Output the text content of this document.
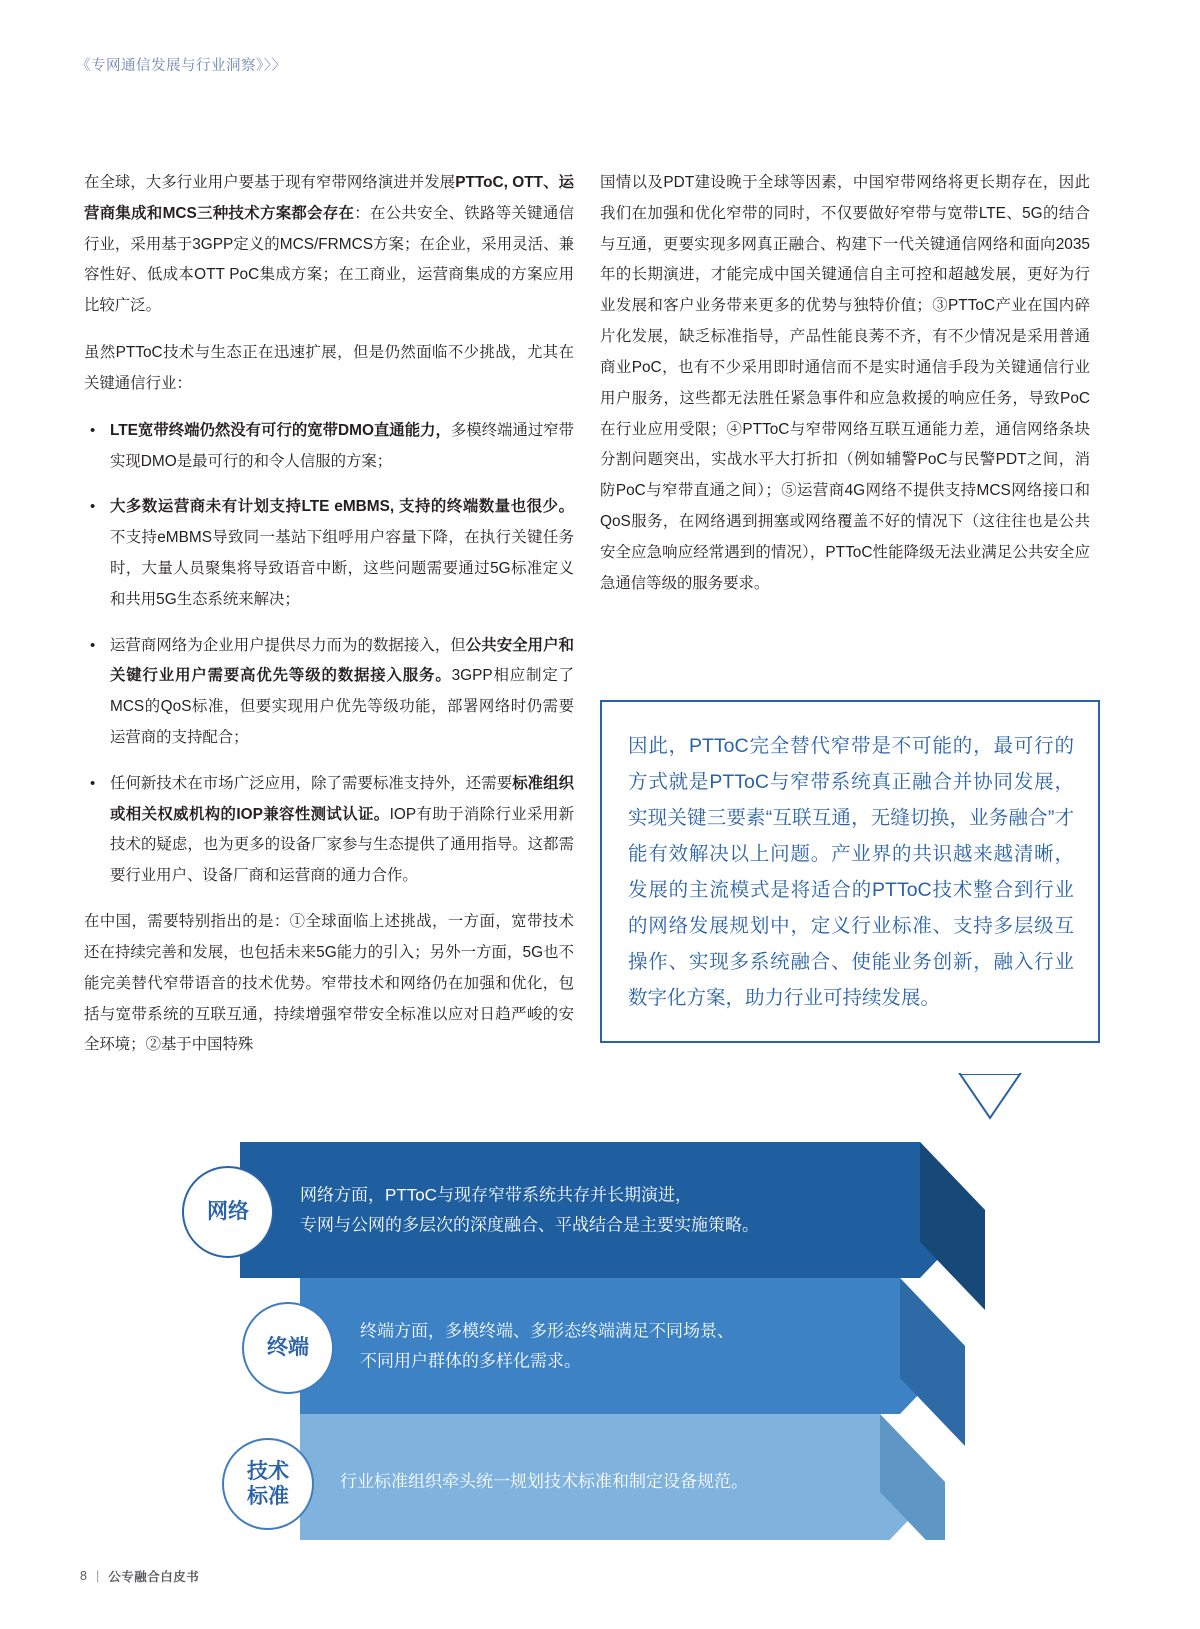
《专网通信发展与行业洞察》〉〉

在全球，大多行业用户要基于现有窄带网络演进并发展PTToC, OTT、运营商集成和MCS三种技术方案都会存在：在公共安全、铁路等关键通信行业，采用基于3GPP定义的MCS/FRMCS方案；在企业，采用灵活、兼容性好、低成本OTT PoC集成方案；在工商业，运营商集成的方案应用比较广泛。

虽然PTToC技术与生态正在迅速扩展，但是仍然面临不少挑战，尤其在关键通信行业：

• LTE宽带终端仍然没有可行的宽带DMO直通能力，多模终端通过窄带实现DMO是最可行的和令人信服的方案；
• 大多数运营商未有计划支持LTE eMBMS, 支持的终端数量也很少。不支持eMBMS导致同一基站下组呼用户容量下降，在执行关键任务时，大量人员聚集将导致语音中断，这些问题需要通过5G标准定义和共用5G生态系统来解决；
• 运营商网络为企业用户提供尽力而为的数据接入，但公共安全用户和关键行业用户需要高优先等级的数据接入服务。3GPP相应制定了MCS的QoS标准，但要实现用户优先等级功能，部署网络时仍需要运营商的支持配合；
• 任何新技术在市场广泛应用，除了需要标准支持外，还需要标准组织或相关权威机构的IOP兼容性测试认证。IOP有助于消除行业采用新技术的疑虑，也为更多的设备厂家参与生态提供了通用指导。这都需要行业用户、设备厂商和运营商的通力合作。

在中国，需要特别指出的是：①全球面临上述挑战，一方面，宽带技术还在持续完善和发展，也包括未来5G能力的引入；另外一方面，5G也不能完美替代窄带语音的技术优势。窄带技术和网络仍在加强和优化，包括与宽带系统的互联互通，持续增强窄带安全标准以应对日趋严峻的安全环境；②基于中国特殊

国情以及PDT建设晚于全球等因素，中国窄带网络将更长期存在，因此我们在加强和优化窄带的同时，不仅要做好窄带与宽带LTE、5G的结合与互通，更要实现多网真正融合、构建下一代关键通信网络和面向2035年的长期演进，才能完成中国关键通信自主可控和超越发展，更好为行业发展和客户业务带来更多的优势与独特价值；③PTToC产业在国内碎片化发展，缺乏标准指导，产品性能良莠不齐，有不少情况是采用普通商业PoC，也有不少采用即时通信而不是实时通信手段为关键通信行业用户服务，这些都无法胜任紧急事件和应急救援的响应任务，导致PoC在行业应用受限；④PTToC与窄带网络互联互通能力差，通信网络条块分割问题突出，实战水平大打折扣（例如辅警PoC与民警PDT之间，消防PoC与窄带直通之间）；⑤运营商4G网络不提供支持MCS网络接口和QoS服务，在网络遇到拥塞或网络覆盖不好的情况下（这往往也是公共安全应急响应经常遇到的情况），PTToC性能降级无法业满足公共安全应急通信等级的服务要求。

因此，PTToC完全替代窄带是不可能的，最可行的方式就是PTToC与窄带系统真正融合并协同发展，实现关键三要素“互联互通，无缝切换，业务融合”才能有效解决以上问题。产业界的共识越来越清晰，发展的主流模式是将适合的PTToC技术整合到行业的网络发展规划中，定义行业标准、支持多层级互操作、实现多系统融合、使能业务创新，融入行业数字化方案，助力行业可持续发展。
网络
终端
技术
标准
网络方面，PTToC与现存窄带系统共存并长期演进，
专网与公网的多层次的深度融合、平战结合是主要实施策略。
终端方面，多模终端、多形态终端满足不同场景、
不同用户群体的多样化需求。
行业标准组织牵头统一规划技术标准和制定设备规范。
8 | 公专融合白皮书
